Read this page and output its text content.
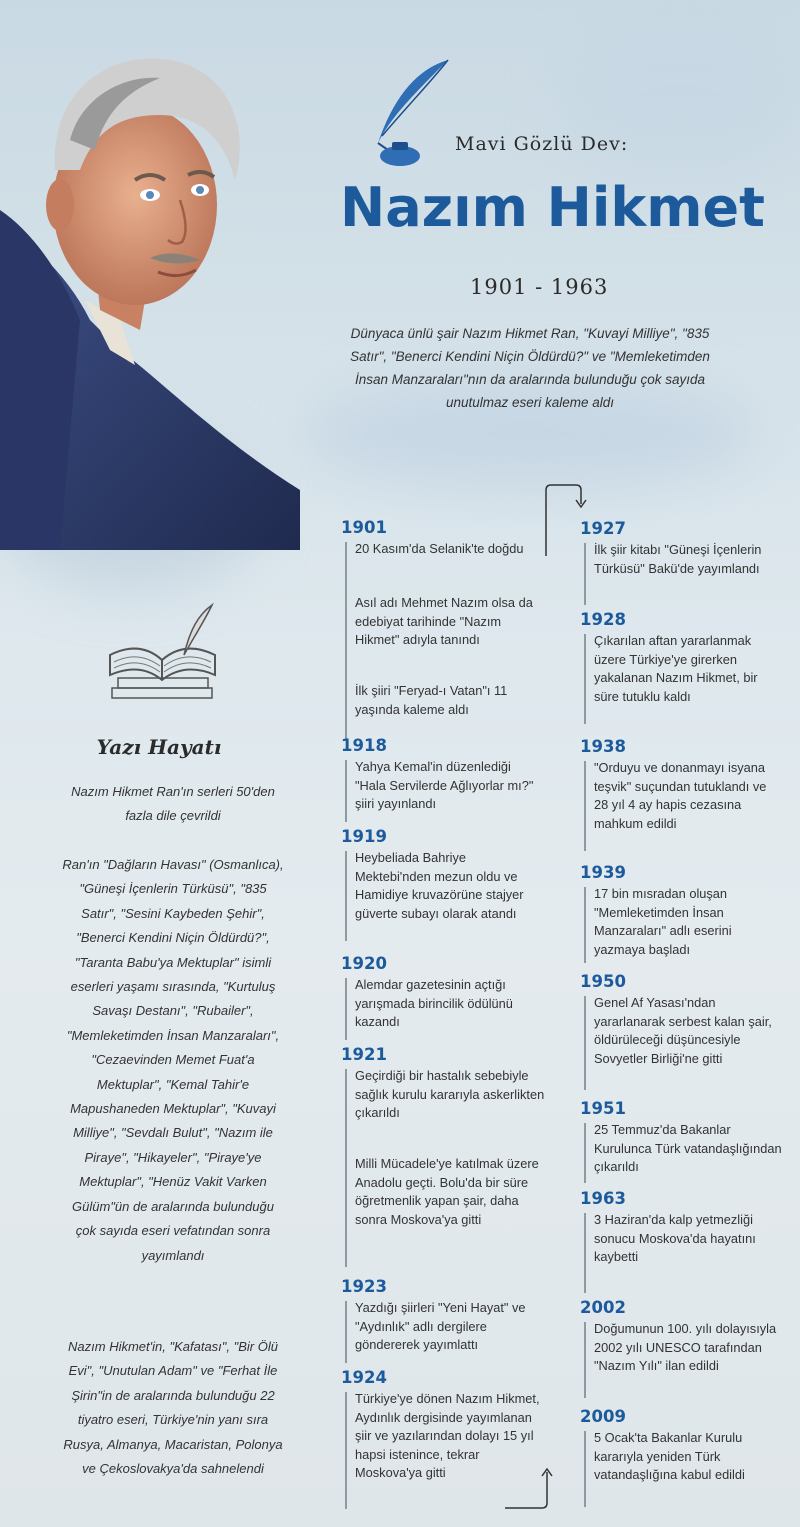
Mavi Gözlü Dev:
Nazım Hikmet
1901 - 1963
Dünyaca ünlü şair Nazım Hikmet Ran, "Kuvayi Milliye", "835 Satır", "Benerci Kendini Niçin Öldürdü?" ve "Memleketimden İnsan Manzaraları"nın da aralarında bulunduğu çok sayıda unutulmaz eseri kaleme aldı
Yazı Hayatı

Nazım Hikmet Ran'ın serleri 50'den fazla dile çevrildi

Ran'ın "Dağların Havası" (Osmanlıca), "Güneşi İçenlerin Türküsü", "835 Satır", "Sesini Kaybeden Şehir", "Benerci Kendini Niçin Öldürdü?", "Taranta Babu'ya Mektuplar" isimli eserleri yaşamı sırasında, "Kurtuluş Savaşı Destanı", "Rubailer", "Memleketimden İnsan Manzaraları", "Cezaevinden Memet Fuat'a Mektuplar", "Kemal Tahir'e Mapushaneden Mektuplar", "Kuvayi Milliye", "Sevdalı Bulut", "Nazım ile Piraye", "Hikayeler", "Piraye'ye Mektuplar", "Henüz Vakit Varken Gülüm"ün de aralarında bulunduğu çok sayıda eseri vefatından sonra yayımlandı

Nazım Hikmet'in, "Kafatası", "Bir Ölü Evi", "Unutulan Adam" ve "Ferhat İle Şirin"in de aralarında bulunduğu 22 tiyatro eseri, Türkiye'nin yanı sıra Rusya, Almanya, Macaristan, Polonya ve Çekoslovakya'da sahnelendi

1901

20 Kasım'da Selanik'te doğdu

Asıl adı Mehmet Nazım olsa da edebiyat tarihinde "Nazım Hikmet" adıyla tanındı

İlk şiiri "Feryad-ı Vatan"ı 11 yaşında kaleme aldı

1918

Yahya Kemal'in düzenlediği "Hala Servilerde Ağlıyorlar mı?" şiiri yayınlandı

1919

Heybeliada Bahriye Mektebi'nden mezun oldu ve Hamidiye kruvazörüne stajyer güverte subayı olarak atandı

1920

Alemdar gazetesinin açtığı yarışmada birincilik ödülünü kazandı

1921

Geçirdiği bir hastalık sebebiyle sağlık kurulu kararıyla askerlikten çıkarıldı

Milli Mücadele'ye katılmak üzere Anadolu geçti. Bolu'da bir süre öğretmenlik yapan şair, daha sonra Moskova'ya gitti

1923

Yazdığı şiirleri "Yeni Hayat" ve "Aydınlık" adlı dergilere göndererek yayımlattı

1924

Türkiye'ye dönen Nazım Hikmet, Aydınlık dergisinde yayımlanan şiir ve yazılarından dolayı 15 yıl hapsi istenince, tekrar Moskova'ya gitti

1927

İlk şiir kitabı "Güneşi İçenlerin Türküsü" Bakü'de yayımlandı

1928

Çıkarılan aftan yararlanmak üzere Türkiye'ye girerken yakalanan Nazım Hikmet, bir süre tutuklu kaldı

1938

"Orduyu ve donanmayı isyana teşvik" suçundan tutuklandı ve 28 yıl 4 ay hapis cezasına mahkum edildi

1939

17 bin mısradan oluşan "Memleketimden İnsan Manzaraları" adlı eserini yazmaya başladı

1950

Genel Af Yasası'ndan yararlanarak serbest kalan şair, öldürüleceği düşüncesiyle Sovyetler Birliği'ne gitti

1951

25 Temmuz'da Bakanlar Kurulunca Türk vatandaşlığından çıkarıldı

1963

3 Haziran'da kalp yetmezliği sonucu Moskova'da hayatını kaybetti

2002

Doğumunun 100. yılı dolayısıyla 2002 yılı UNESCO tarafından "Nazım Yılı" ilan edildi

2009

5 Ocak'ta Bakanlar Kurulu kararıyla yeniden Türk vatandaşlığına kabul edildi
